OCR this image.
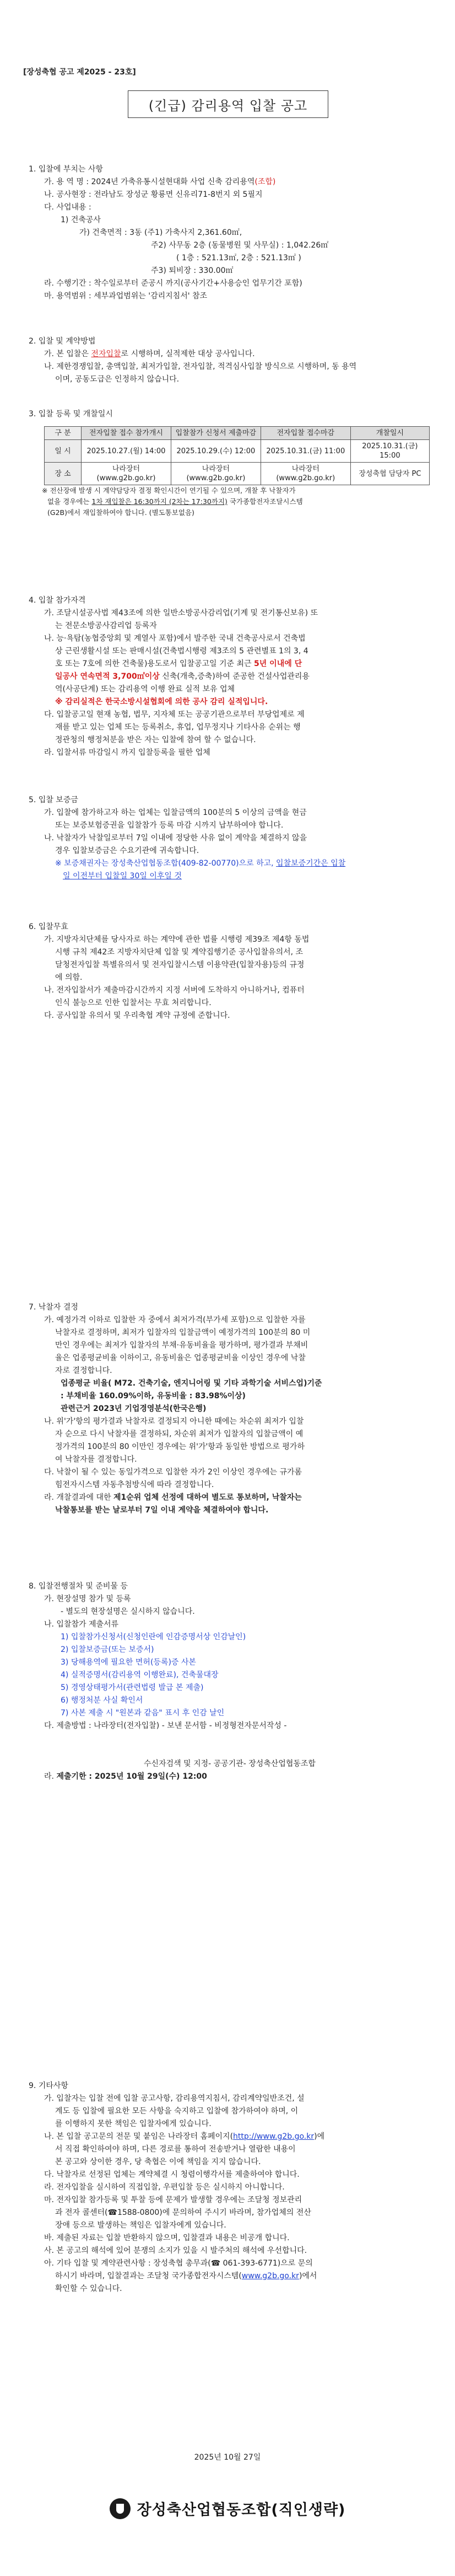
[장성축협 공고 제2025 - 23호]
(긴급) 감리용역 입찰 공고

1. 입찰에 부치는 사항

가. 용 역 명 : 2024년 가축유통시설현대화 사업 신축 감리용역(조합)

나. 공사현장 : 전라남도 장성군 황룡면 신유리71-8번지 외 5필지

다. 사업내용 :

1) 건축공사

가) 건축면적 : 3동 (주1) 가축사지 2,361.60㎡,

주2) 사무동 2층 (동물병원 및 사무실) : 1,042.26㎡

( 1층 : 521.13㎡, 2층 : 521.13㎡ )

주3) 퇴비장 : 330.00㎡

라. 수행기간 : 착수일로부터 준공시 까지(공사기간+사용승인 업무기간 포함)

마. 용역범위 : 세부과업범위는 '감리지침서' 참조

2. 입찰 및 계약방법

가. 본 입찰은 전자입찰로 시행하며, 실적제한 대상 공사입니다.

나. 제한경쟁입찰, 총액입찰, 최저가입찰, 전자입찰, 적격심사입찰 방식으로 시행하며, 동 용역
이며, 공동도급은 인정하지 않습니다.

3. 입찰 등록 및 개찰일시

구 분	전자입찰 접수 참가개시	입찰참가 신청서 제출마감	전자입찰 접수마감	개찰일시
일 시	2025.10.27.(월) 14:00	2025.10.29.(수) 12:00	2025.10.31.(금) 11:00	2025.10.31.(금) 15:00
장 소	나라장터 (www.g2b.go.kr)	나라장터 (www.g2b.go.kr)	나라장터 (www.g2b.go.kr)	장성축협 담당자 PC

※ 전산장애 발생 시 계약담당자 결정 확인시간이 연기될 수 있으며, 개찰 후 낙찰자가
없을 경우에는 1차 재입찰은 16:30까지 (2차는 17:30까지) 국가종합전자조달시스템
(G2B)에서 재입찰하여야 합니다. (별도통보없음)

4. 입찰 참가자격

가. 조달시설공사법 제43조에 의한 일반소방공사감리업(기계 및 전기통신보유) 또
는 전문소방공사감리업 등록자

나. 능·욕탐(농협중앙회 및 계열사 포함)에서 발주한 국내 건축공사로서 건축법
상 근린생활시설 또는 판매시설(건축법시행령 제3조의 5 관련별표 1의 3, 4
호 또는 7호에 의한 건축물)용도로서 입찰공고일 기준 최근 5년 이내에 단
일공사 연속면적 3,700㎡이상 신축(개축,증축)하여 준공한 건설사업관리용
역(사공단계) 또는 감리용역 이행 완료 실적 보유 업체
※ 감리실적은 한국소방시설협회에 의한 공사 감리 실적입니다.

다. 입찰공고일 현재 농협, 법무, 지자체 또는 공공기관으로부터 부당업제로 제
재를 받고 있는 업체 또는 등록취소, 휴업, 업무정지나 기타사유 순위는 행
정관청의 행정처분을 받은 자는 입찰에 참여 할 수 없습니다.

라. 입찰서류 마감일시 까지 입찰등록을 필한 업체

5. 입찰 보증금

가. 입찰에 참가하고자 하는 업체는 입찰금액의 100분의 5 이상의 금액을 현금
또는 보증보험증권을 입찰참가 등록 마감 시까지 납부하여야 합니다.

나. 낙찰자가 낙찰일로부터 7일 이내에 정당한 사유 없이 계약을 체결하지 않을
경우 입찰보증금은 수요기관에 귀속합니다.

※ 보증채권자는 장성축산업협동조합(409-82-00770)으로 하고, 입찰보증기간은 입찰
일 이전부터 입찰일 30일 이후일 것

6. 입찰무효

가. 지방자치단체를 당사자로 하는 계약에 관한 법률 시행령 제39조 제4항 동법
시행 규칙 제42조 지방자치단체 입찰 및 계약집행기준 공사입찰유의서, 조
달청전자입찰 특별유의서 및 전자입찰시스템 이용약관(입찰자용)등의 규정
에 의함.

나. 전자입찰서가 제출마감시간까지 지정 서버에 도착하지 아니하거나, 컴퓨터
인식 불능으로 인한 입찰서는 무효 처리합니다.

다. 공사입찰 유의서 및 우리축협 계약 규정에 준합니다.

7. 낙찰자 결정

가. 예정가격 이하로 입찰한 자 중에서 최저가격(부가세 포함)으로 입찰한 자를
낙찰자로 결정하며, 최저가 입찰자의 입찰금액이 예정가격의 100분의 80 미
만인 경우에는 최저가 입찰자의 부채·유동비율을 평가하며, 평가결과 부채비
율은 업종평균비율 이하이고, 유동비율은 업종평균비율 이상인 경우에 낙찰
자로 결정합니다.

업종평균 비율( M72. 건축기술, 엔지니어링 및 기타 과학기술 서비스업)기준
: 부채비율 160.09%이하, 유동비율 : 83.98%이상)

관련근거 2023년 기업경영분석(한국은행)

나. 위'가'항의 평가결과 낙찰자로 결정되지 아니한 때에는 차순위 최저가 입찰
자 순으로 다시 낙찰자를 결정하되, 차순위 최저가 입찰자의 입찰금액이 예
정가격의 100분의 80 이만인 경우에는 위'가'항과 동일한 방법으로 평가하
여 낙찰자를 결정합니다.

다. 낙찰이 될 수 있는 동일가격으로 입찰한 자가 2인 이상인 경우에는 규가롬
힘전자시스템 자동추첨방식에 따라 결정합니다.

라. 개찰결과에 대한 제1순위 업체 선정에 대하여 별도로 통보하며, 낙찰자는
낙찰통보를 받는 날로부터 7일 이내 계약을 체결하여야 합니다.

8. 입찰전행절차 및 준비물 등

가. 현장설명 참가 및 등록

- 별도의 현장설명은 실시하지 않습니다.

나. 입찰참가 제출서류

1) 입찰참가신청서(신청인란에 인감증명서상 인감날인)

2) 입찰보증금(또는 보증서)

3) 당해용역에 필요한 면허(등록)증 사본

4) 실적증명서(감리용역 이행완료), 건축물대장

5) 경영상태평가서(관련법령 발급 본 제출)

6) 행정처분 사실 확인서

7) 사본 제출 시 "원본과 같음" 표시 후 인감 날인

다. 제출방법 : 나라장터(전자입찰) - 보낸 문서함 - 비정형전자문서작성 -

수신자검색 및 지정- 공공기관- 장성축산업협동조합

라. 제출기한 : 2025년 10월 29일(수) 12:00

9. 기타사항

가. 입찰자는 입찰 전에 입찰 공고사항, 감리용역지침서, 감리계약일반조건, 설
계도 등 입찰에 필요한 모든 사항을 숙지하고 입찰에 참가하여야 하며, 이
를 이행하지 못한 책임은 입찰자에게 있습니다.

나. 본 입찰 공고문의 전문 및 붙임은 나라장터 홈페이지(http://www.g2b.go.kr)에
서 직접 확인하여야 하며, 다른 경로를 통하여 전송받거나 열람한 내용이
본 공고와 상이한 경우, 당 축협은 이에 책임을 지지 않습니다.

다. 낙찰자로 선정된 업체는 계약체결 시 청렴이행각서를 제출하여야 합니다.

라. 전자입찰을 실시하여 직접입찰, 우편입찰 등은 실시하지 아니합니다.

마. 전자입찰 참가등록 및 투찰 등에 문제가 발생할 경우에는 조달청 정보관리
과 전자 콜센터(☎1588-0800)에 문의하여 주시기 바라며, 참가업체의 전산
장애 등으로 발생하는 책임은 입찰자에게 있습니다.

바. 제출된 자료는 입찰 반환하지 않으며, 입찰결과 내용은 비공개 합니다.

사. 본 공고의 해석에 있어 분쟁의 소지가 있을 시 발주처의 해석에 우선합니다.

아. 기타 입찰 및 계약관련사항 : 장성축협 총무과(☎ 061-393-6771)으로 문의
하시기 바라며, 입찰결과는 조달청 국가종합전자시스템(www.g2b.go.kr)에서
확인할 수 있습니다.

2025년 10월 27일
장성축산업협동조합(직인생략)
